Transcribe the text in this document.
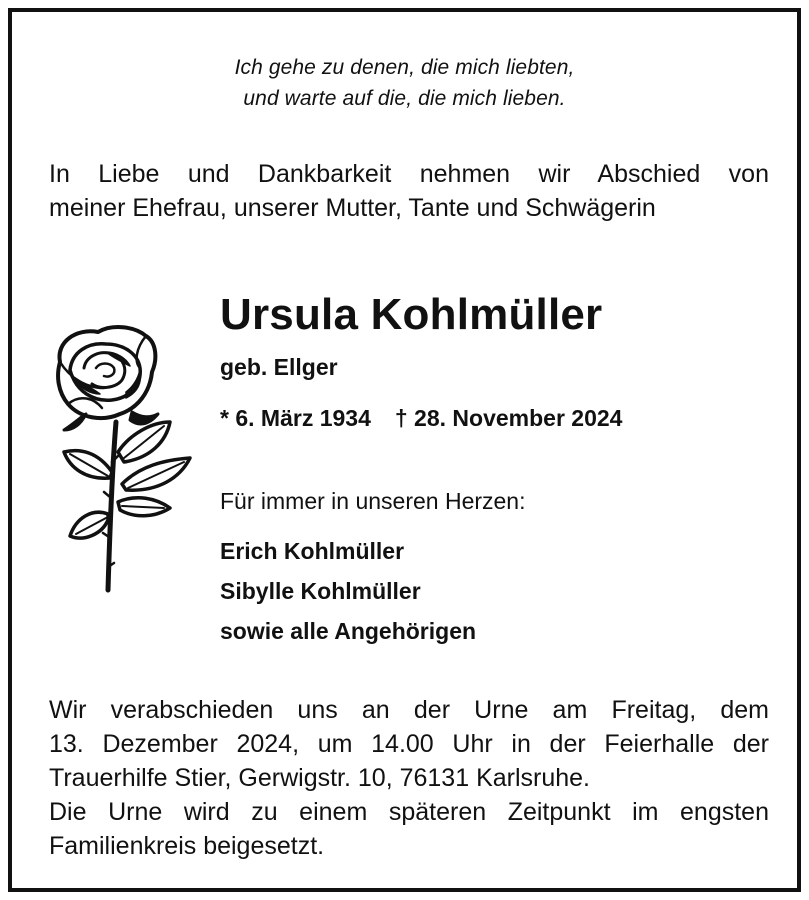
Ich gehe zu denen, die mich liebten,
und warte auf die, die mich lieben.
In Liebe und Dankbarkeit nehmen wir Abschied von
meiner Ehefrau, unserer Mutter, Tante und Schwägerin
Ursula Kohlmüller
geb. Ellger
* 6. März 1934 † 28. November 2024
Für immer in unseren Herzen:
Erich Kohlmüller
Sibylle Kohlmüller
sowie alle Angehörigen
Wir verabschieden uns an der Urne am Freitag, dem
13. Dezember 2024, um 14.00 Uhr in der Feierhalle der
Trauerhilfe Stier, Gerwigstr. 10, 76131 Karlsruhe.
Die Urne wird zu einem späteren Zeitpunkt im engsten
Familienkreis beigesetzt.
